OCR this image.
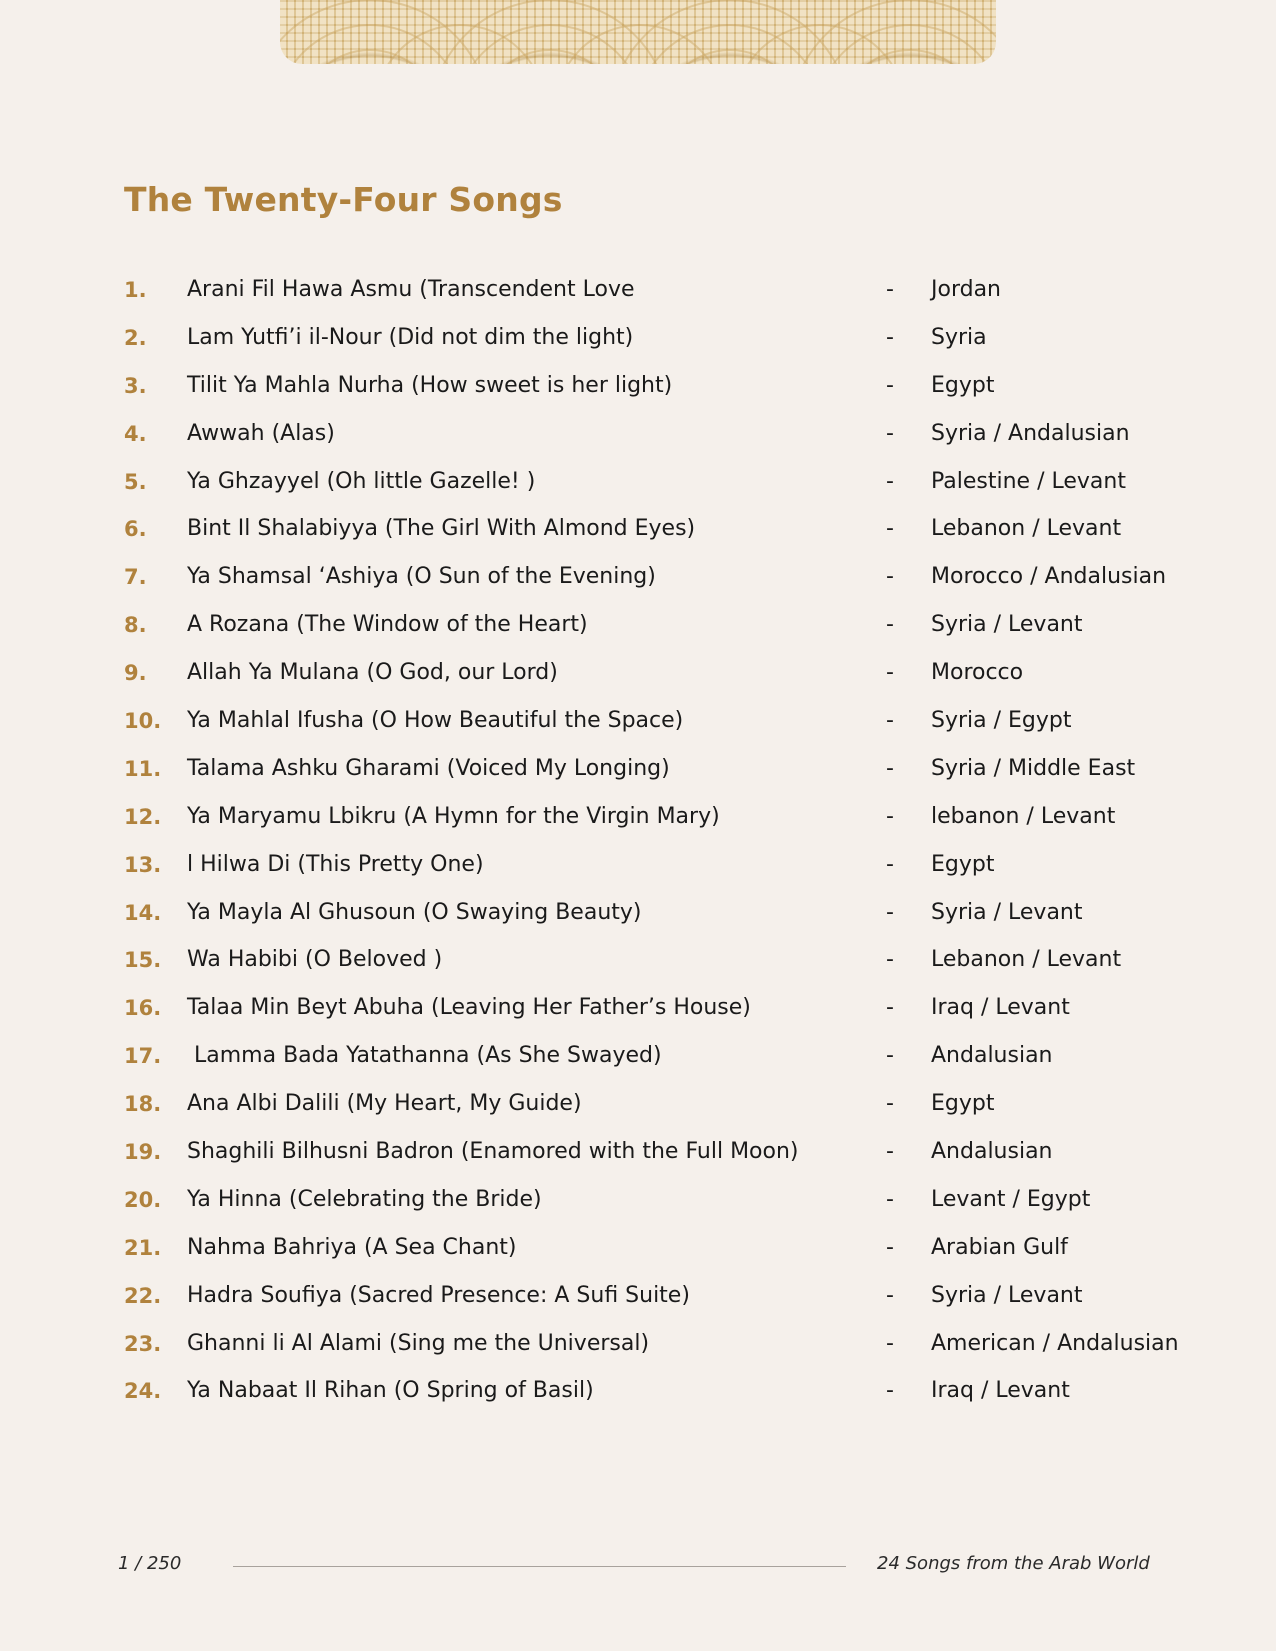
The Twenty-Four Songs
1. Arani Fil Hawa Asmu (Transcendent Love	- Jordan
2. Lam Yutfi’i il-Nour (Did not dim the light)	- Syria
3. Tilit Ya Mahla Nurha (How sweet is her light)	- Egypt
4. Awwah (Alas)	- Syria / Andalusian
5. Ya Ghzayyel (Oh little Gazelle! )	- Palestine / Levant
6. Bint Il Shalabiyya (The Girl With Almond Eyes)	- Lebanon / Levant
7. Ya Shamsal ‘Ashiya (O Sun of the Evening)	- Morocco / Andalusian
8. A Rozana (The Window of the Heart)	- Syria / Levant
9. Allah Ya Mulana (O God, our Lord)	- Morocco
10. Ya Mahlal Ifusha (O How Beautiful the Space)	- Syria / Egypt
11. Talama Ashku Gharami (Voiced My Longing)	- Syria / Middle East
12. Ya Maryamu Lbikru (A Hymn for the Virgin Mary)	- lebanon / Levant
13. l Hilwa Di (This Pretty One)	- Egypt
14. Ya Mayla Al Ghusoun (O Swaying Beauty)	- Syria / Levant
15. Wa Habibi (O Beloved )	- Lebanon / Levant
16. Talaa Min Beyt Abuha (Leaving Her Father’s House)	- Iraq / Levant
17. Lamma Bada Yatathanna (As She Swayed)	- Andalusian
18. Ana Albi Dalili (My Heart, My Guide)	- Egypt
19. Shaghili Bilhusni Badron (Enamored with the Full Moon)	- Andalusian
20. Ya Hinna (Celebrating the Bride)	- Levant / Egypt
21. Nahma Bahriya (A Sea Chant)	- Arabian Gulf
22. Hadra Soufiya (Sacred Presence: A Sufi Suite)	- Syria / Levant
23. Ghanni li Al Alami (Sing me the Universal)	- American / Andalusian
24. Ya Nabaat Il Rihan (O Spring of Basil)	- Iraq / Levant
1 / 250	24 Songs from the Arab World
